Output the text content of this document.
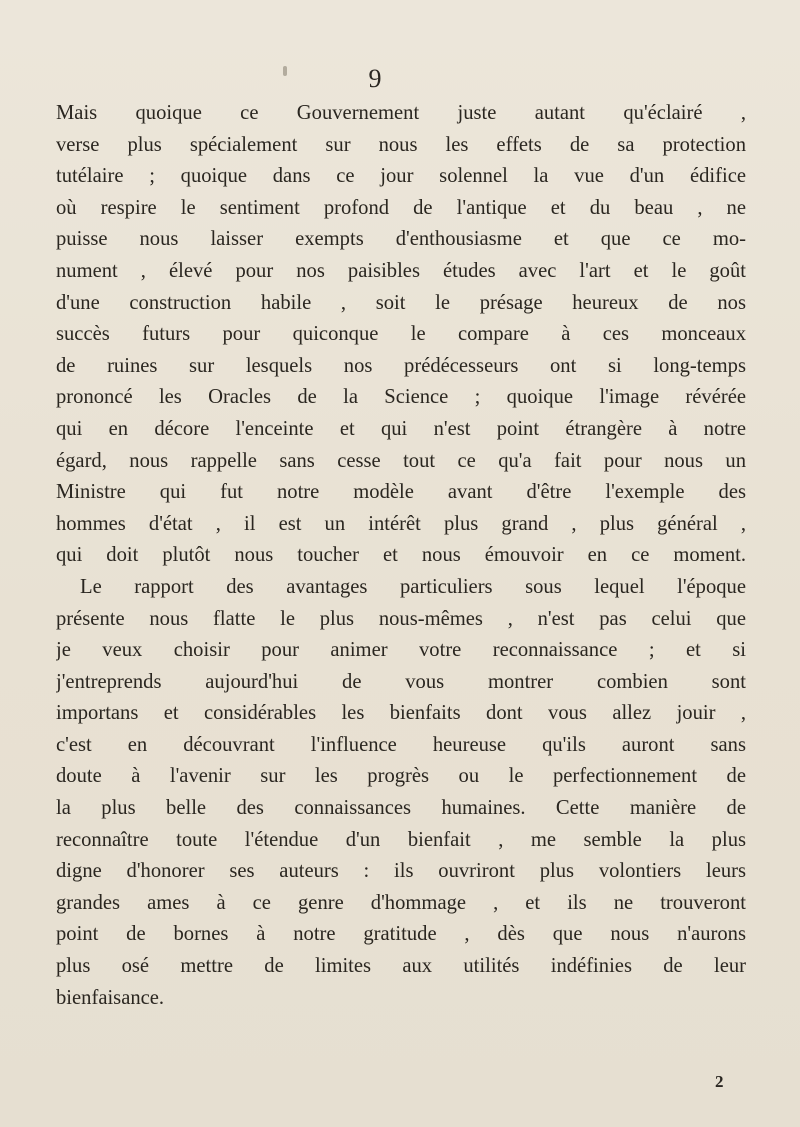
9
Mais quoique ce Gouvernement juste autant qu'éclairé ,
verse plus spécialement sur nous les effets de sa protection
tutélaire ; quoique dans ce jour solennel la vue d'un édifice
où respire le sentiment profond de l'antique et du beau , ne
puisse nous laisser exempts d'enthousiasme et que ce mo-
nument , élevé pour nos paisibles études avec l'art et le goût
d'une construction habile , soit le présage heureux de nos
succès futurs pour quiconque le compare à ces monceaux
de ruines sur lesquels nos prédécesseurs ont si long-temps
prononcé les Oracles de la Science ; quoique l'image révérée
qui en décore l'enceinte et qui n'est point étrangère à notre
égard, nous rappelle sans cesse tout ce qu'a fait pour nous un
Ministre qui fut notre modèle avant d'être l'exemple des
hommes d'état , il est un intérêt plus grand , plus général ,
qui doit plutôt nous toucher et nous émouvoir en ce moment.
Le rapport des avantages particuliers sous lequel l'époque
présente nous flatte le plus nous-mêmes , n'est pas celui que
je veux choisir pour animer votre reconnaissance ; et si
j'entreprends aujourd'hui de vous montrer combien sont
importans et considérables les bienfaits dont vous allez jouir ,
c'est en découvrant l'influence heureuse qu'ils auront sans
doute à l'avenir sur les progrès ou le perfectionnement de
la plus belle des connaissances humaines. Cette manière de
reconnaître toute l'étendue d'un bienfait , me semble la plus
digne d'honorer ses auteurs : ils ouvriront plus volontiers leurs
grandes ames à ce genre d'hommage , et ils ne trouveront
point de bornes à notre gratitude , dès que nous n'aurons
plus osé mettre de limites aux utilités indéfinies de leur
bienfaisance.
2
